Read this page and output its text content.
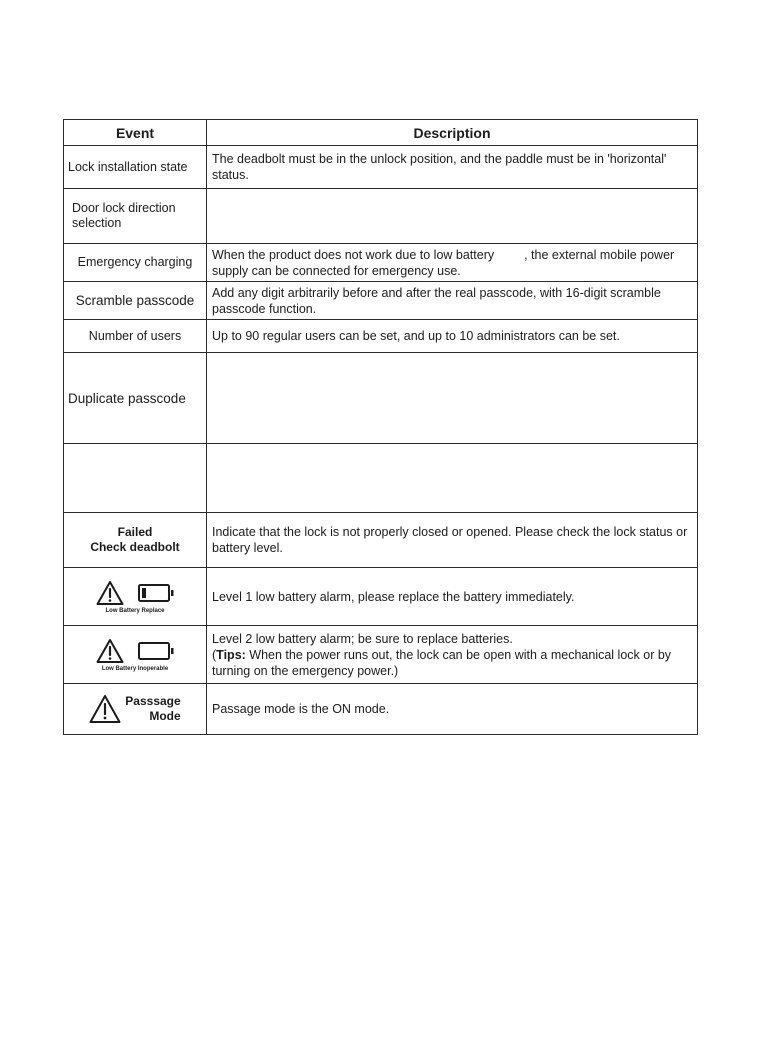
Event	Description
Lock installation state	The deadbolt must be in the unlock position, and the paddle must be in 'horizontal' status.
Door lock direction selection	
Emergency charging	When the product does not work due to low battery , the external mobile power supply can be connected for emergency use.
Scramble passcode	Add any digit arbitrarily before and after the real passcode, with 16-digit scramble passcode function.
Number of users	Up to 90 regular users can be set, and up to 10 administrators can be set.
Duplicate passcode	

Failed
Check deadbolt	Indicate that the lock is not properly closed or opened. Please check the lock status or battery level.

Low Battery Replace	Level 1 low battery alarm, please replace the battery immediately.

Low Battery Inoperable	Level 2 low battery alarm; be sure to replace batteries.
(Tips: When the power runs out, the lock can be open with a mechanical lock or by turning on the emergency power.)

Passsage
Mode	Passage mode is the ON mode.
